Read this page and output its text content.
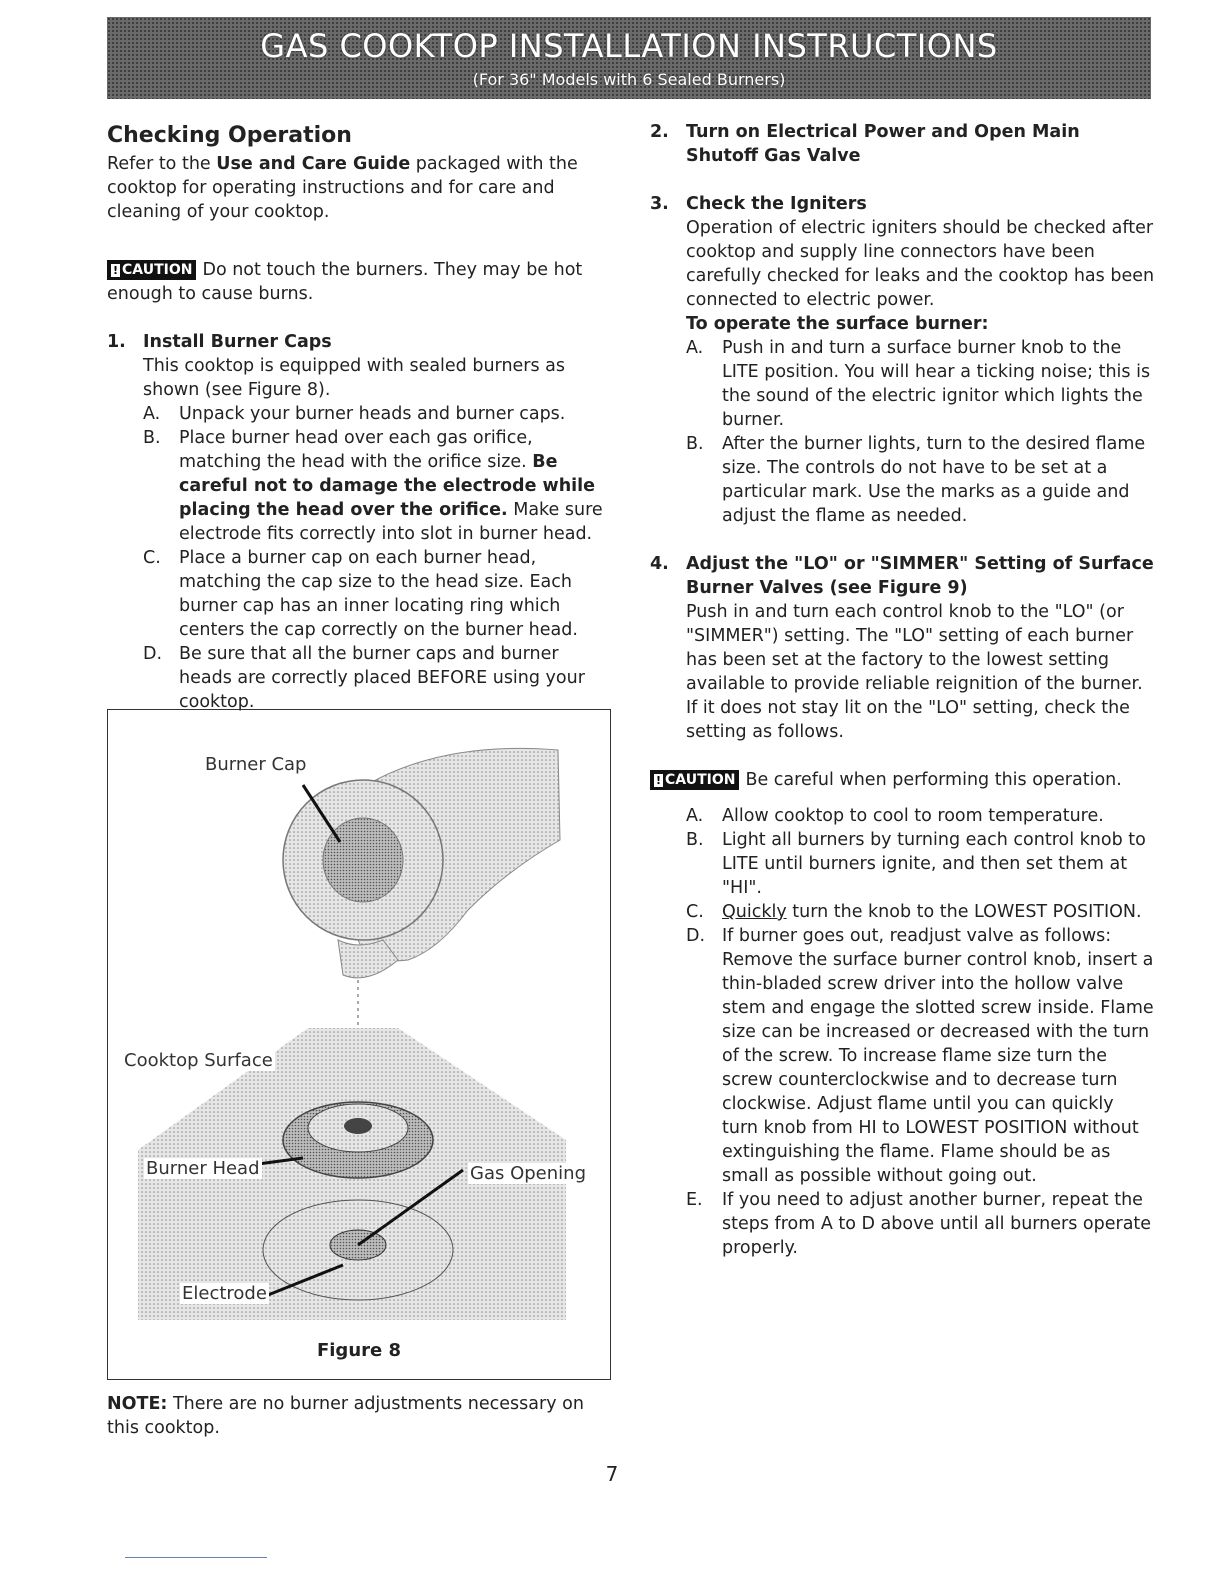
GAS COOKTOP INSTALLATION INSTRUCTIONS
(For 36" Models with 6 Sealed Burners)
Checking Operation

Refer to the Use and Care Guide packaged with the cooktop for operating instructions and for care and cleaning of your cooktop.

! CAUTION Do not touch the burners. They may be hot enough to cause burns.

1. Install Burner Caps

This cooktop is equipped with sealed burners as shown (see Figure 8).

A.	Unpack your burner heads and burner caps.
B.	Place burner head over each gas orifice, matching the head with the orifice size. Be careful not to damage the electrode while placing the head over the orifice. Make sure electrode fits correctly into slot in burner head.
C.	Place a burner cap on each burner head, matching the cap size to the head size. Each burner cap has an inner locating ring which centers the cap correctly on the burner head.
D. Be sure that all the burner caps and burner heads are correctly placed BEFORE using your cooktop.
Burner Cap
Cooktop Surface
Burner Head	Gas Opening
Electrode
Figure 8
NOTE: There are no burner adjustments necessary on this cooktop.
2. Turn on Electrical Power and Open Main Shutoff Gas Valve
3. Check the Igniters

Operation of electric igniters should be checked after cooktop and supply line connectors have been carefully checked for leaks and the cooktop has been connected to electric power.

To operate the surface burner:

A.	Push in and turn a surface burner knob to the LITE position. You will hear a ticking noise; this is the sound of the electric ignitor which lights the burner.
B.	After the burner lights, turn to the desired flame size. The controls do not have to be set at a particular mark. Use the marks as a guide and adjust the flame as needed.
4. Adjust the "LO" or "SIMMER" Setting of Surface Burner Valves (see Figure 9)

Push in and turn each control knob to the "LO" (or "SIMMER") setting. The "LO" setting of each burner has been set at the factory to the lowest setting available to provide reliable reignition of the burner. If it does not stay lit on the "LO" setting, check the setting as follows.

! CAUTION Be careful when performing this operation.

A.	Allow cooktop to cool to room temperature.
B.	Light all burners by turning each control knob to LITE until burners ignite, and then set them at "HI".
C.	Quickly turn the knob to the LOWEST POSITION.
D. If burner goes out, readjust valve as follows: Remove the surface burner control knob, insert a thin-bladed screw driver into the hollow valve stem and engage the slotted screw inside. Flame size can be increased or decreased with the turn of the screw. To increase flame size turn the screw counterclockwise and to decrease turn clockwise. Adjust flame until you can quickly turn knob from HI to LOWEST POSITION without extinguishing the flame. Flame should be as small as possible without going out.
E.	If you need to adjust another burner, repeat the steps from A to D above until all burners operate properly.
7
